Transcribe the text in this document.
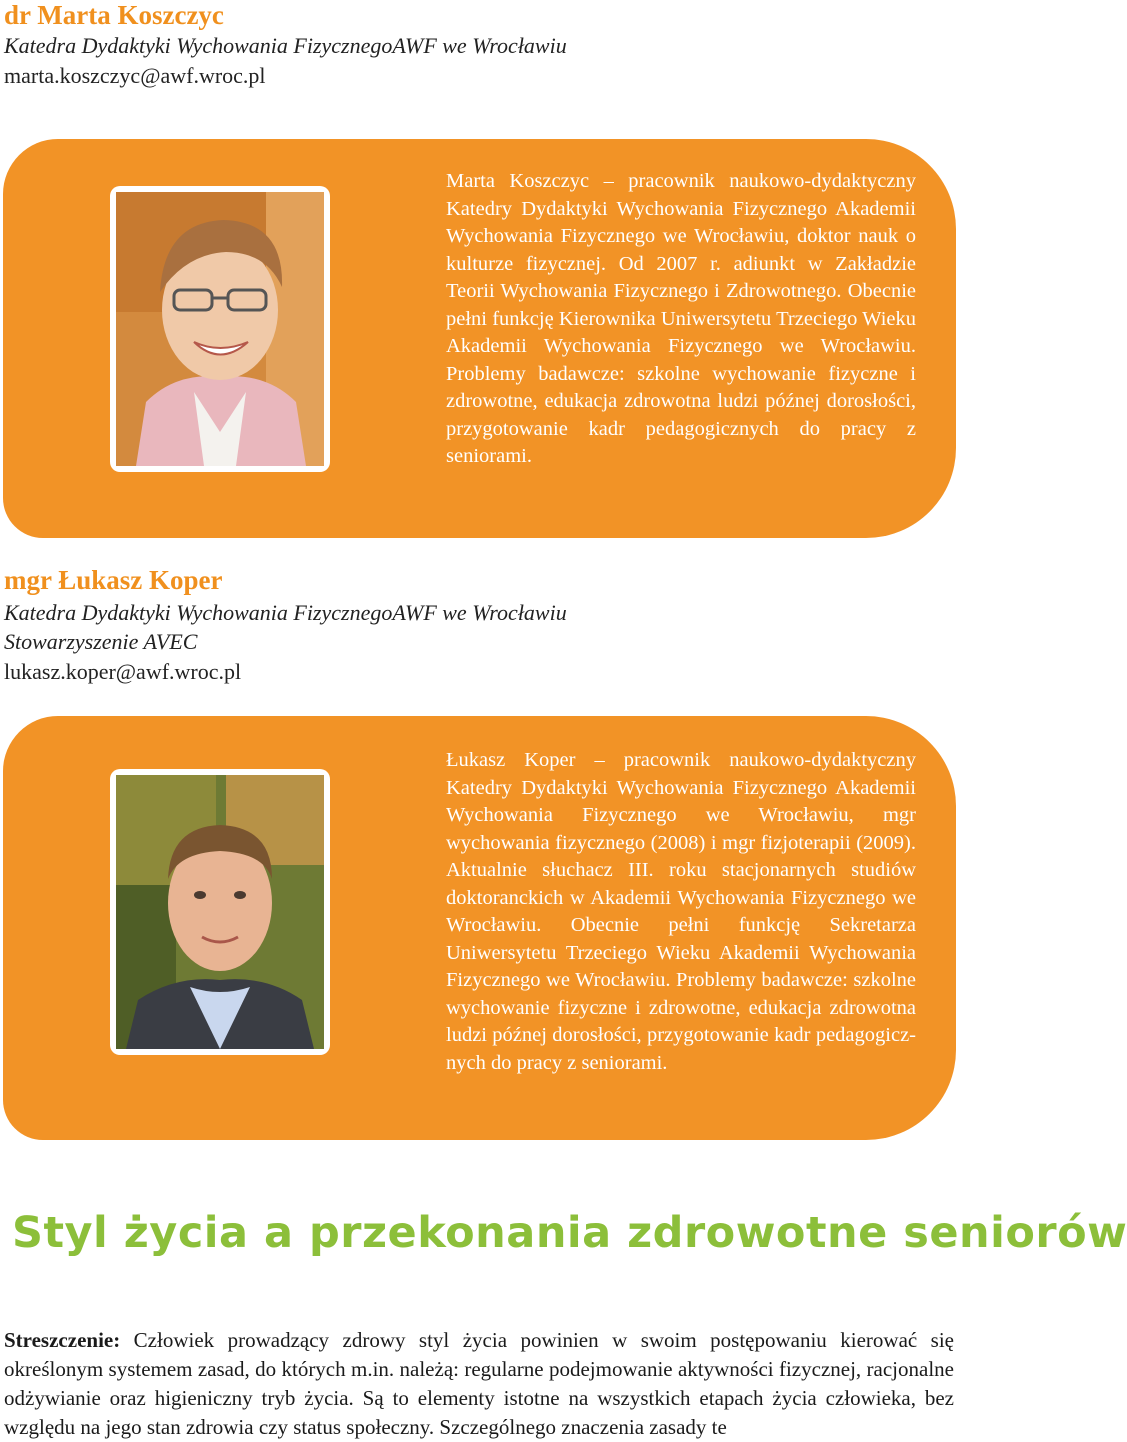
dr Marta Koszczyc

Katedra Dydaktyki Wychowania FizycznegoAWF we Wrocławiu

marta.koszczyc@awf.wroc.pl

Marta Koszczyc – pracownik naukowo-dydaktyczny Katedry Dydaktyki Wychowania Fizycznego Akademii Wychowania Fizycznego we Wrocławiu, doktor nauk o kulturze fizycznej. Od 2007 r. adiunkt w Zakładzie Teorii Wychowania Fizycznego i Zdrowotnego. Obecnie pełni funkcję Kierownika Uniwersytetu Trzeciego Wieku Akademii Wychowania Fizycznego we Wrocławiu. Problemy badawcze: szkolne wychowanie fizyczne i zdrowotne, edukacja zdrowotna ludzi późnej dorosłości, przygotowanie kadr pedagogicznych do pracy z seniorami.

mgr Łukasz Koper

Katedra Dydaktyki Wychowania FizycznegoAWF we Wrocławiu

Stowarzyszenie AVEC

lukasz.koper@awf.wroc.pl

Łukasz Koper – pracownik naukowo-dydaktyczny Katedry Dydaktyki Wychowania Fizycznego Akademii Wychowania Fizycznego we Wrocławiu, mgr wychowania fizycznego (2008) i mgr fizjoterapii (2009). Aktualnie słuchacz III. roku stacjonarnych studiów doktoranckich w Akademii Wychowania Fizycznego we Wrocławiu. Obecnie pełni funkcję Sekretarza Uniwersytetu Trzeciego Wieku Akademii Wychowania Fizycznego we Wrocławiu. Problemy badawcze: szkolne wychowanie fizyczne i zdrowotne, edukacja zdrowotna ludzi późnej dorosłości, przygotowanie kadr pedagogicznych do pracy z seniorami.

Styl życia a przekonania zdrowotne seniorów

Streszczenie: Człowiek prowadzący zdrowy styl życia powinien w swoim postępowaniu kierować się określonym systemem zasad, do których m.in. należą: regularne podejmowanie aktywności fizycznej, racjonalne odżywianie oraz higieniczny tryb życia. Są to elementy istotne na wszystkich etapach życia człowieka, bez względu na jego stan zdrowia czy status społeczny. Szczególnego znaczenia zasady te
